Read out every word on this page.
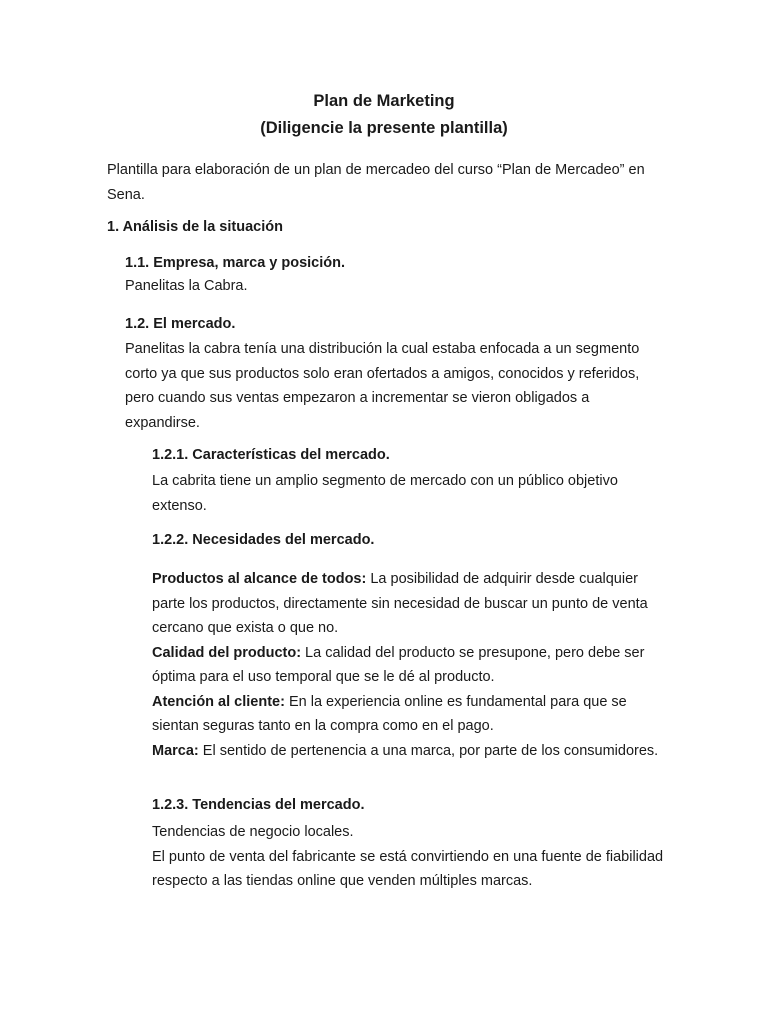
Plan de Marketing
(Diligencie la presente plantilla)
Plantilla para elaboración de un plan de mercadeo del curso “Plan de Mercadeo” en Sena.
1. Análisis de la situación
1.1. Empresa, marca y posición.
Panelitas la Cabra.
1.2. El mercado.
Panelitas la cabra tenía una distribución la cual estaba enfocada a un segmento corto ya que sus productos solo eran ofertados a amigos, conocidos y referidos, pero cuando sus ventas empezaron a incrementar se vieron obligados a expandirse.
1.2.1. Características del mercado.
La cabrita tiene un amplio segmento de mercado con un público objetivo extenso.
1.2.2. Necesidades del mercado.

Productos al alcance de todos: La posibilidad de adquirir desde cualquier parte los productos, directamente sin necesidad de buscar un punto de venta cercano que exista o que no.

Calidad del producto: La calidad del producto se presupone, pero debe ser óptima para el uso temporal que se le dé al producto.

Atención al cliente: En la experiencia online es fundamental para que se sientan seguras tanto en la compra como en el pago.

Marca: El sentido de pertenencia a una marca, por parte de los consumidores.

1.2.3. Tendencias del mercado.

Tendencias de negocio locales.

El punto de venta del fabricante se está convirtiendo en una fuente de fiabilidad respecto a las tiendas online que venden múltiples marcas.
